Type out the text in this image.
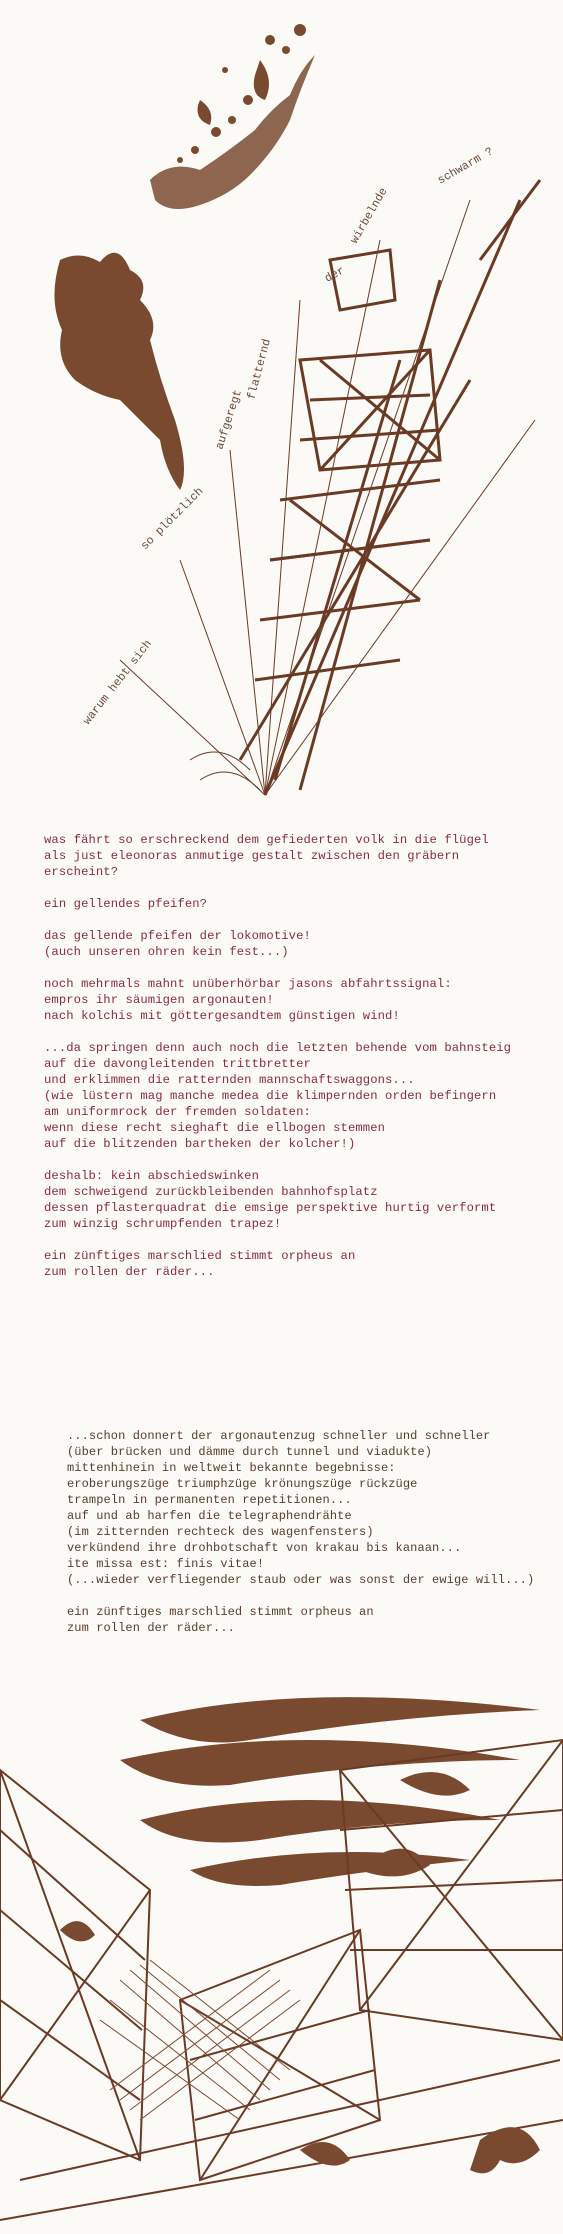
warum hebt sich
so plötzlich
aufgeregt
flatternd
der
wirbelnde
schwarm ?
was fährt so erschreckend dem gefiederten volk in die flügel
als just eleonoras anmutige gestalt zwischen den gräbern
erscheint?
ein gellendes pfeifen?
das gellende pfeifen der lokomotive!
(auch unseren ohren kein fest...)
noch mehrmals mahnt unüberhörbar jasons abfahrtssignal:
empros ihr säumigen argonauten!
nach kolchis mit göttergesandtem günstigen wind!
...da springen denn auch noch die letzten behende vom bahnsteig
auf die davongleitenden trittbretter
und erklimmen die ratternden mannschaftswaggons...
(wie lüstern mag manche medea die klimpernden orden befingern
am uniformrock der fremden soldaten:
wenn diese recht sieghaft die ellbogen stemmen
auf die blitzenden bartheken der kolcher!)
deshalb: kein abschiedswinken
dem schweigend zurückbleibenden bahnhofsplatz
dessen pflasterquadrat die emsige perspektive hurtig verformt
zum winzig schrumpfenden trapez!
ein zünftiges marschlied stimmt orpheus an
zum rollen der räder...
...schon donnert der argonautenzug schneller und schneller
(über brücken und dämme durch tunnel und viadukte)
mittenhinein in weltweit bekannte begebnisse:
eroberungszüge triumphzüge krönungszüge rückzüge
trampeln in permanenten repetitionen...
auf und ab harfen die telegraphendrähte
(im zitternden rechteck des wagenfensters)
verkündend ihre drohbotschaft von krakau bis kanaan...
ite missa est: finis vitae!
(...wieder verfliegender staub oder was sonst der ewige will...)
ein zünftiges marschlied stimmt orpheus an
zum rollen der räder...
